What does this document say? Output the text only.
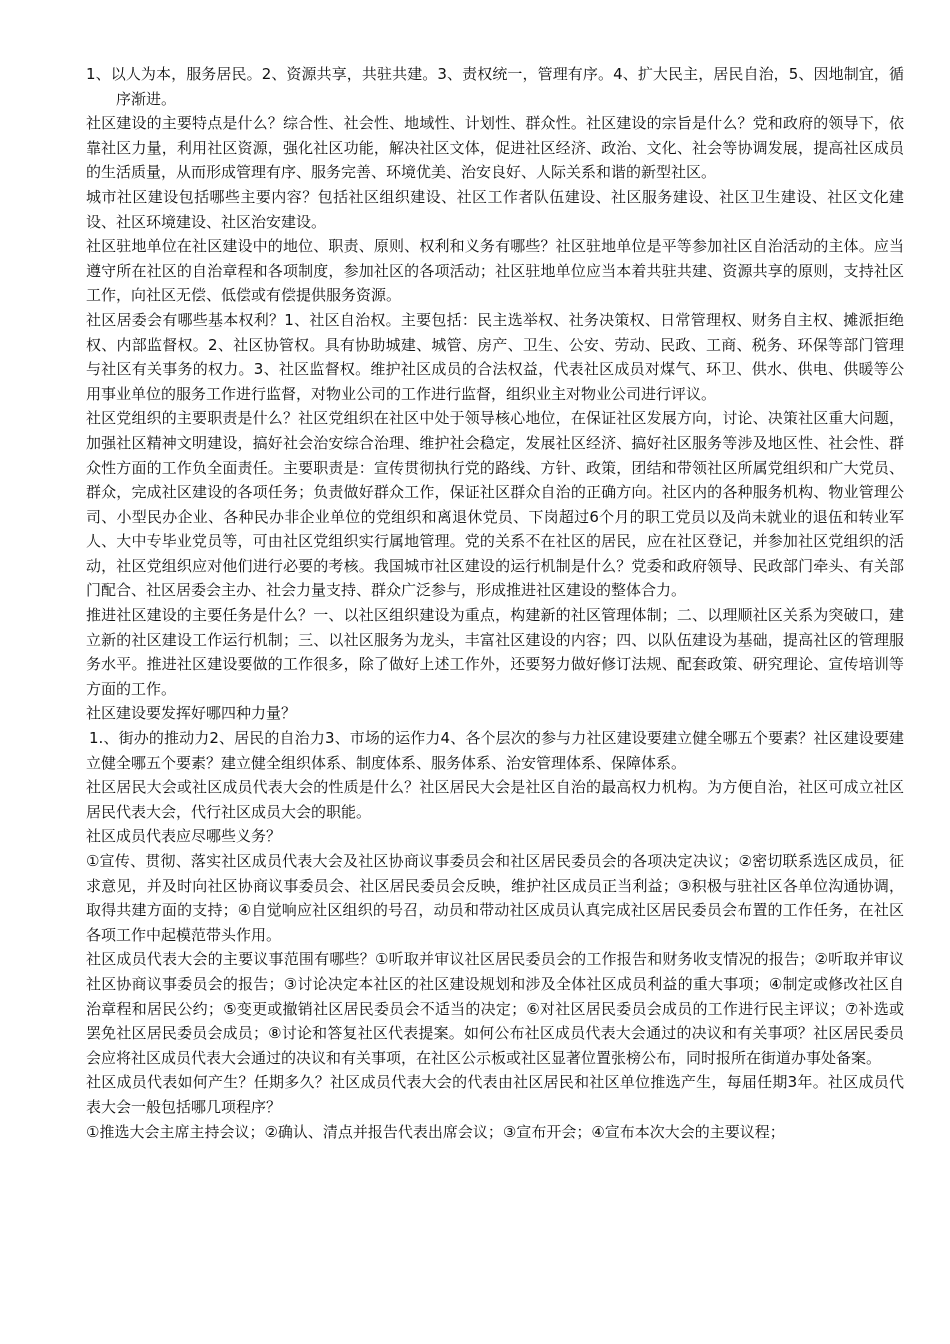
1、以人为本，服务居民。2、资源共享，共驻共建。3、责权统一，管理有序。4、扩大民主，居民自治，5、因地制宜，循序渐进。

社区建设的主要特点是什么？综合性、社会性、地域性、计划性、群众性。社区建设的宗旨是什么？党和政府的领导下，依靠社区力量，利用社区资源，强化社区功能，解决社区文体，促进社区经济、政治、文化、社会等协调发展，提高社区成员的生活质量，从而形成管理有序、服务完善、环境优美、治安良好、人际关系和谐的新型社区。

城市社区建设包括哪些主要内容？包括社区组织建设、社区工作者队伍建设、社区服务建设、社区卫生建设、社区文化建设、社区环境建设、社区治安建设。

社区驻地单位在社区建设中的地位、职责、原则、权利和义务有哪些？社区驻地单位是平等参加社区自治活动的主体。应当遵守所在社区的自治章程和各项制度，参加社区的各项活动；社区驻地单位应当本着共驻共建、资源共享的原则，支持社区工作，向社区无偿、低偿或有偿提供服务资源。

社区居委会有哪些基本权利？1、社区自治权。主要包括：民主选举权、社务决策权、日常管理权、财务自主权、摊派拒绝权、内部监督权。2、社区协管权。具有协助城建、城管、房产、卫生、公安、劳动、民政、工商、税务、环保等部门管理与社区有关事务的权力。3、社区监督权。维护社区成员的合法权益，代表社区成员对煤气、环卫、供水、供电、供暖等公用事业单位的服务工作进行监督，对物业公司的工作进行监督，组织业主对物业公司进行评议。

社区党组织的主要职责是什么？社区党组织在社区中处于领导核心地位，在保证社区发展方向，讨论、决策社区重大问题，加强社区精神文明建设，搞好社会治安综合治理、维护社会稳定，发展社区经济、搞好社区服务等涉及地区性、社会性、群众性方面的工作负全面责任。主要职责是：宣传贯彻执行党的路线、方针、政策，团结和带领社区所属党组织和广大党员、群众，完成社区建设的各项任务；负责做好群众工作，保证社区群众自治的正确方向。社区内的各种服务机构、物业管理公司、小型民办企业、各种民办非企业单位的党组织和离退休党员、下岗超过6个月的职工党员以及尚未就业的退伍和转业军人、大中专毕业党员等，可由社区党组织实行属地管理。党的关系不在社区的居民，应在社区登记，并参加社区党组织的活动，社区党组织应对他们进行必要的考核。我国城市社区建设的运行机制是什么？党委和政府领导、民政部门牵头、有关部门配合、社区居委会主办、社会力量支持、群众广泛参与，形成推进社区建设的整体合力。

推进社区建设的主要任务是什么？一、以社区组织建设为重点，构建新的社区管理体制；二、以理顺社区关系为突破口，建立新的社区建设工作运行机制；三、以社区服务为龙头，丰富社区建设的内容；四、以队伍建设为基础，提高社区的管理服务水平。推进社区建设要做的工作很多，除了做好上述工作外，还要努力做好修订法规、配套政策、研究理论、宣传培训等方面的工作。

社区建设要发挥好哪四种力量？

1.、街办的推动力2、居民的自治力3、市场的运作力4、各个层次的参与力社区建设要建立健全哪五个要素？社区建设要建立健全哪五个要素？建立健全组织体系、制度体系、服务体系、治安管理体系、保障体系。

社区居民大会或社区成员代表大会的性质是什么？社区居民大会是社区自治的最高权力机构。为方便自治，社区可成立社区居民代表大会，代行社区成员大会的职能。

社区成员代表应尽哪些义务？

①宣传、贯彻、落实社区成员代表大会及社区协商议事委员会和社区居民委员会的各项决定决议；②密切联系选区成员，征求意见，并及时向社区协商议事委员会、社区居民委员会反映，维护社区成员正当利益；③积极与驻社区各单位沟通协调，取得共建方面的支持；④自觉响应社区组织的号召，动员和带动社区成员认真完成社区居民委员会布置的工作任务，在社区各项工作中起模范带头作用。

社区成员代表大会的主要议事范围有哪些？①听取并审议社区居民委员会的工作报告和财务收支情况的报告；②听取并审议社区协商议事委员会的报告；③讨论决定本社区的社区建设规划和涉及全体社区成员利益的重大事项；④制定或修改社区自治章程和居民公约；⑤变更或撤销社区居民委员会不适当的决定；⑥对社区居民委员会成员的工作进行民主评议；⑦补选或罢免社区居民委员会成员；⑧讨论和答复社区代表提案。如何公布社区成员代表大会通过的决议和有关事项？社区居民委员会应将社区成员代表大会通过的决议和有关事项，在社区公示板或社区显著位置张榜公布，同时报所在街道办事处备案。

社区成员代表如何产生？任期多久？社区成员代表大会的代表由社区居民和社区单位推选产生，每届任期3年。社区成员代表大会一般包括哪几项程序？

①推选大会主席主持会议；②确认、清点并报告代表出席会议；③宣布开会；④宣布本次大会的主要议程；
